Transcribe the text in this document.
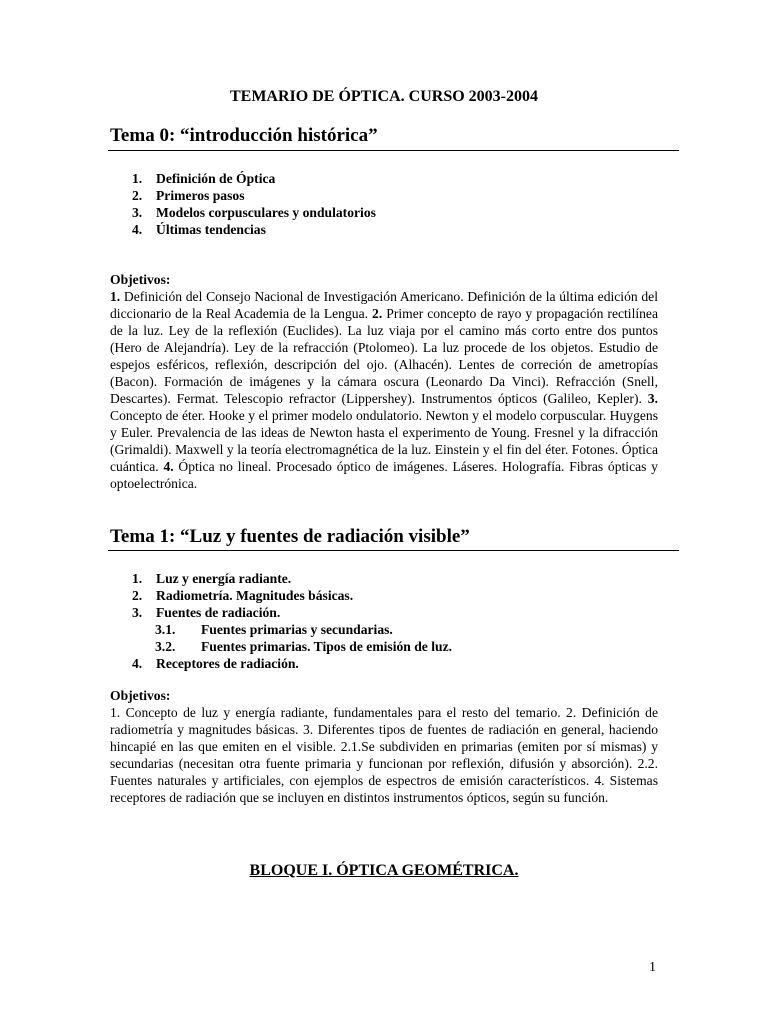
TEMARIO DE ÓPTICA. CURSO 2003-2004
Tema 0: “introducción histórica”
1. Definición de Óptica
2. Primeros pasos
3. Modelos corpusculares y ondulatorios
4. Últimas tendencias

Objetivos:

1. Definición del Consejo Nacional de Investigación Americano. Definición de la última edición del diccionario de la Real Academia de la Lengua. 2. Primer concepto de rayo y propagación rectilínea de la luz. Ley de la reflexión (Euclides). La luz viaja por el camino más corto entre dos puntos (Hero de Alejandría). Ley de la refracción (Ptolomeo). La luz procede de los objetos. Estudio de espejos esféricos, reflexión, descripción del ojo. (Alhacén). Lentes de correción de ametropías (Bacon). Formación de imágenes y la cámara oscura (Leonardo Da Vinci). Refracción (Snell, Descartes). Fermat. Telescopio refractor (Lippershey). Instrumentos ópticos (Galileo, Kepler). 3. Concepto de éter. Hooke y el primer modelo ondulatorio. Newton y el modelo corpuscular. Huygens y Euler. Prevalencia de las ideas de Newton hasta el experimento de Young. Fresnel y la difracción (Grimaldi). Maxwell y la teoría electromagnética de la luz. Einstein y el fin del éter. Fotones. Óptica cuántica. 4. Óptica no lineal. Procesado óptico de imágenes. Láseres. Holografía. Fibras ópticas y optoelectrónica.

Tema 1: “Luz y fuentes de radiación visible”
1. Luz y energía radiante.
2. Radiometría. Magnitudes básicas.
3. Fuentes de radiación.
3.1. Fuentes primarias y secundarias.
3.2. Fuentes primarias. Tipos de emisión de luz.
4. Receptores de radiación.

Objetivos:

1. Concepto de luz y energía radiante, fundamentales para el resto del temario. 2. Definición de radiometría y magnitudes básicas. 3. Diferentes tipos de fuentes de radiación en general, haciendo hincapié en las que emiten en el visible. 2.1.Se subdividen en primarias (emiten por sí mismas) y secundarias (necesitan otra fuente primaria y funcionan por reflexión, difusión y absorción). 2.2. Fuentes naturales y artificiales, con ejemplos de espectros de emisión característicos. 4. Sistemas receptores de radiación que se incluyen en distintos instrumentos ópticos, según su función.

BLOQUE I. ÓPTICA GEOMÉTRICA.
1
